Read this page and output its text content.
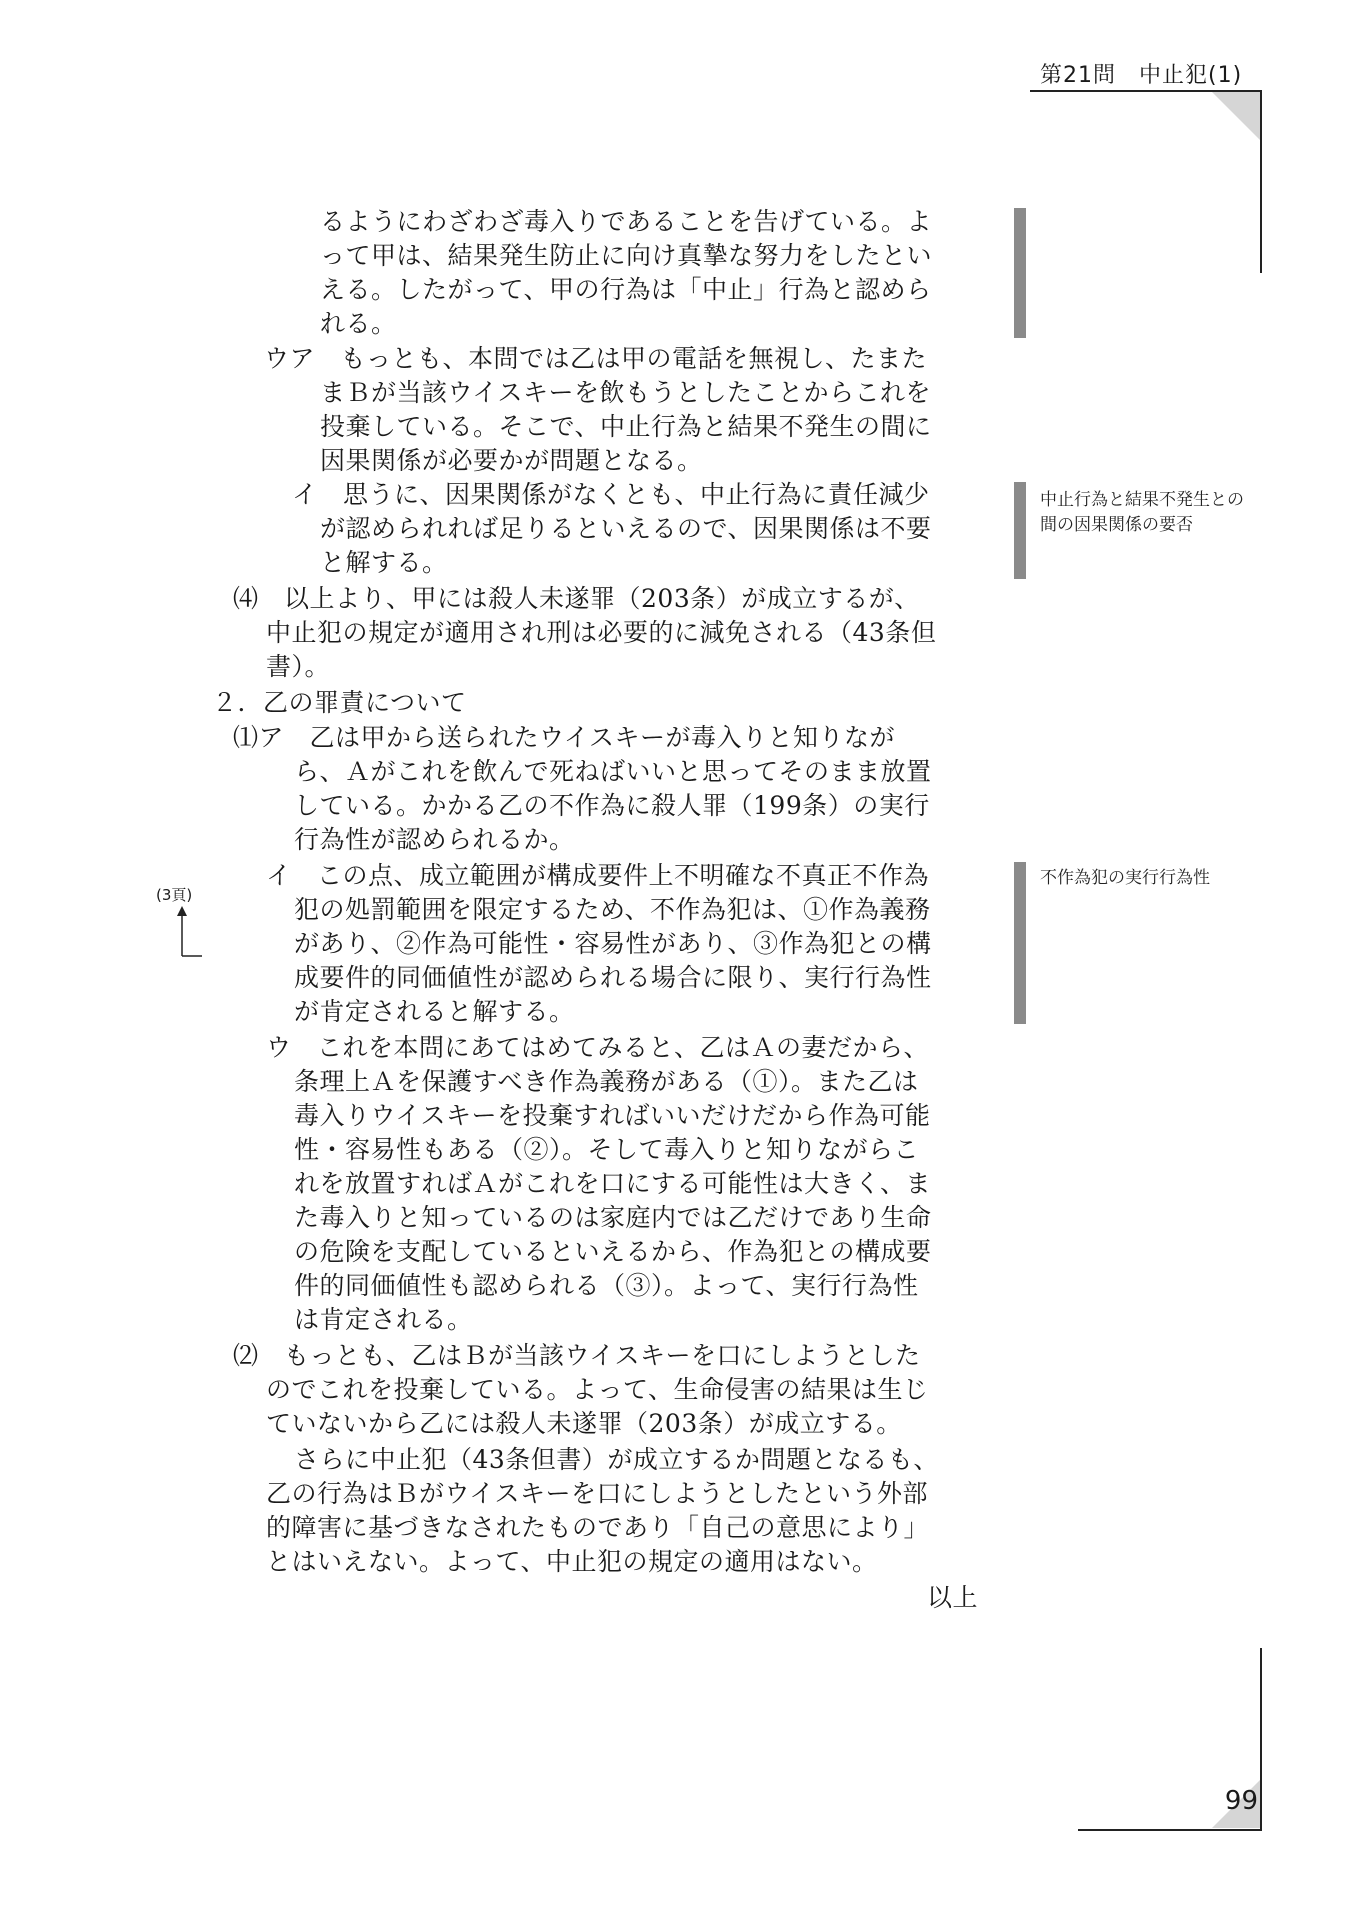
第21問　中止犯(1)
るようにわざわざ毒入りであることを告げている。よ
って甲は、結果発生防止に向け真摯な努力をしたとい
える。したがって、甲の行為は「中止」行為と認めら
れる。
ウア　もっとも、本問では乙は甲の電話を無視し、たまた
まＢが当該ウイスキーを飲もうとしたことからこれを
投棄している。そこで、中止行為と結果不発生の間に
因果関係が必要かが問題となる。
イ　思うに、因果関係がなくとも、中止行為に責任減少
が認められれば足りるといえるので、因果関係は不要
と解する。
⑷　以上より、甲には殺人未遂罪（203条）が成立するが、
中止犯の規定が適用され刑は必要的に減免される（43条但
書）。
２．乙の罪責について
⑴ア　乙は甲から送られたウイスキーが毒入りと知りなが
ら、Ａがこれを飲んで死ねばいいと思ってそのまま放置
している。かかる乙の不作為に殺人罪（199条）の実行
行為性が認められるか。
イ　この点、成立範囲が構成要件上不明確な不真正不作為
犯の処罰範囲を限定するため、不作為犯は、①作為義務
があり、②作為可能性・容易性があり、③作為犯との構
成要件的同価値性が認められる場合に限り、実行行為性
が肯定されると解する。
ウ　これを本問にあてはめてみると、乙はＡの妻だから、
条理上Ａを保護すべき作為義務がある（①）。また乙は
毒入りウイスキーを投棄すればいいだけだから作為可能
性・容易性もある（②）。そして毒入りと知りながらこ
れを放置すればＡがこれを口にする可能性は大きく、ま
た毒入りと知っているのは家庭内では乙だけであり生命
の危険を支配しているといえるから、作為犯との構成要
件的同価値性も認められる（③）。よって、実行行為性
は肯定される。
⑵　もっとも、乙はＢが当該ウイスキーを口にしようとした
のでこれを投棄している。よって、生命侵害の結果は生じ
ていないから乙には殺人未遂罪（203条）が成立する。
さらに中止犯（43条但書）が成立するか問題となるも、
乙の行為はＢがウイスキーを口にしようとしたという外部
的障害に基づきなされたものであり「自己の意思により」
とはいえない。よって、中止犯の規定の適用はない。
以上
中止行為と結果不発生との間の因果関係の要否
不作為犯の実行行為性
(3頁)
99
